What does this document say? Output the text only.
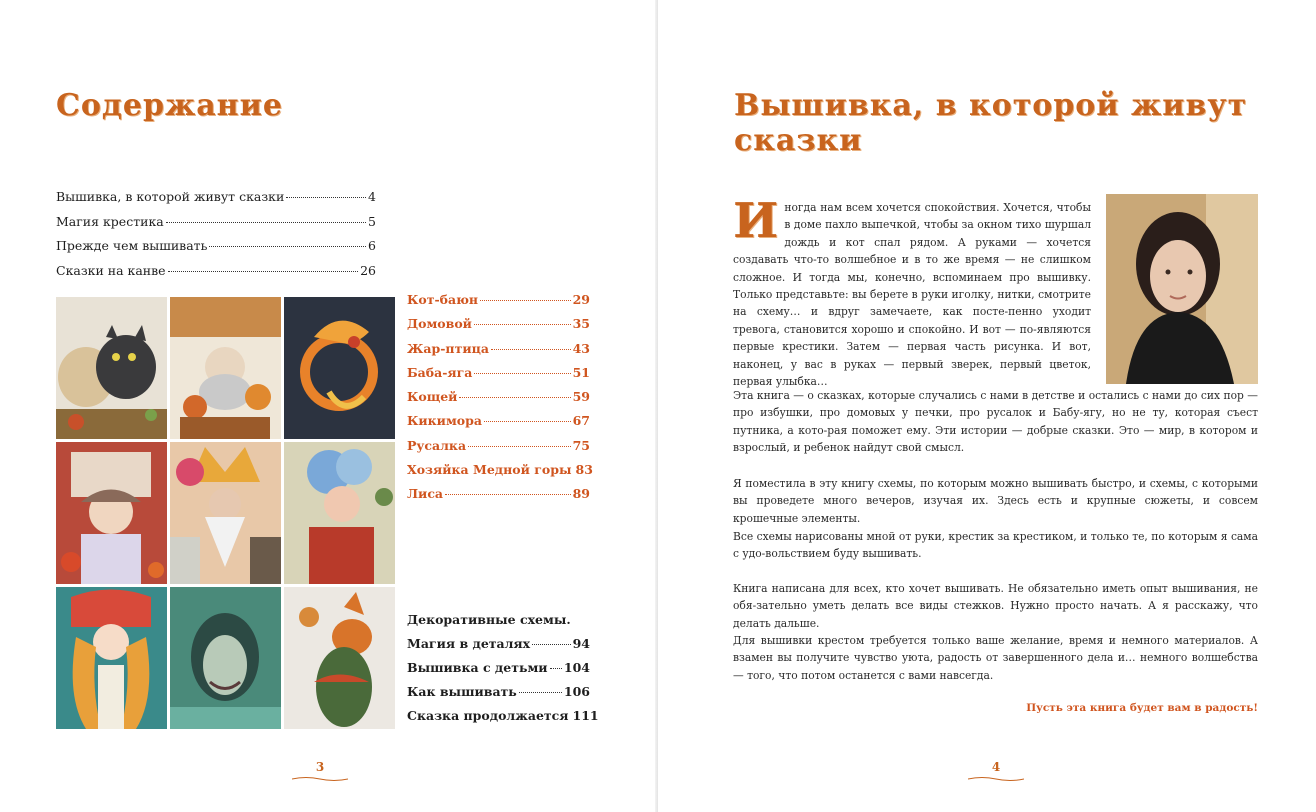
Содержание	Вышивка, в которой живут сказки
Вышивка, в которой живут сказки	4
Магия крестика	5
Прежде чем вышивать	6
Сказки на канве	26
Кот-баюн	29
Домовой	35
Жар-птица	43
Баба-яга	51
Кощей	59
Кикимора	67
Русалка	75
Хозяйка Медной горы 83
Лиса	89
Декоративные схемы.
Магия в деталях	94
Вышивка с детьми 104
Как вышивать	106
Сказка продолжается 111
3
Иногда нам всем хочется спокойствия. Хочется, чтобы в доме пахло выпечкой, чтобы за окном тихо шуршал дождь и кот спал рядом. А руками — хочется создавать что-то волшебное и в то же время — не слишком сложное. И тогда мы, конечно, вспоминаем про вышивку. Только представьте: вы берете в руки иголку, нитки, смотрите на схему… и вдруг замечаете, как посте-пенно уходит тревога, становится хорошо и спокойно. И вот — по-являются первые крестики. Затем — первая часть рисунка. И вот, наконец, у вас в руках — первый зверек, первый цветок, первая улыбка…
Эта книга — о сказках, которые случались с нами в детстве и остались с нами до сих пор — про избушки, про домовых у печки, про русалок и Бабу-ягу, но не ту, которая съест путника, а кото-рая поможет ему. Эти истории — добрые сказки. Это — мир, в котором и взрослый, и ребенок найдут свой смысл.
Я поместила в эту книгу схемы, по которым можно вышивать быстро, и схемы, с которыми вы проведете много вечеров, изучая их. Здесь есть и крупные сюжеты, и совсем крошечные элементы.
Все схемы нарисованы мной от руки, крестик за крестиком, и только те, по которым я сама с удо-вольствием буду вышивать.
Книга написана для всех, кто хочет вышивать. Не обязательно иметь опыт вышивания, не обя-зательно уметь делать все виды стежков. Нужно просто начать. А я расскажу, что делать дальше.
Для вышивки крестом требуется только ваше желание, время и немного материалов. А взамен вы получите чувство уюта, радость от завершенного дела и… немного волшебства — того, что потом останется с вами навсегда.

Пусть эта книга будет вам в радость!

4
